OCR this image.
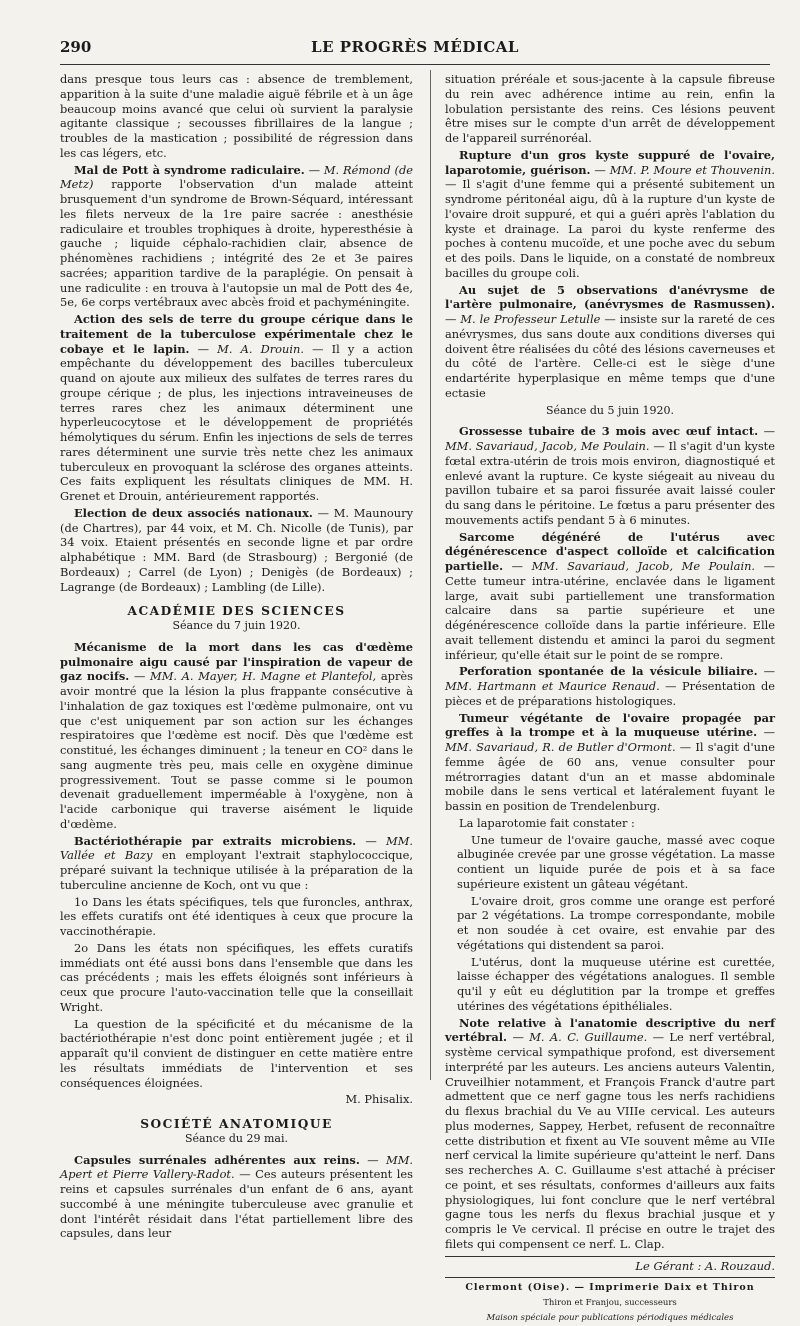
290	LE PROGRÈS MÉDICAL

dans presque tous leurs cas : absence de tremblement, apparition à la suite d'une maladie aiguë fébrile et à un âge beaucoup moins avancé que celui où survient la paralysie agitante classique ; secousses fibrillaires de la langue ; troubles de la mastication ; possibilité de régression dans les cas légers, etc.

Mal de Pott à syndrome radiculaire. — M. Rémond (de Metz) rapporte l'observation d'un malade atteint brusquement d'un syndrome de Brown-Séquard, intéressant les filets nerveux de la 1re paire sacrée : anesthésie radiculaire et troubles trophiques à droite, hyperesthésie à gauche ; liquide céphalo-rachidien clair, absence de phénomènes rachidiens ; intégrité des 2e et 3e paires sacrées; apparition tardive de la paraplégie. On pensait à une radiculite : en trouva à l'autopsie un mal de Pott des 4e, 5e, 6e corps vertébraux avec abcès froid et pachyméningite.

Action des sels de terre du groupe cérique dans le traitement de la tuberculose expérimentale chez le cobaye et le lapin. — M. A. Drouin. — Il y a action empêchante du développement des bacilles tuberculeux quand on ajoute aux milieux des sulfates de terres rares du groupe cérique ; de plus, les injections intraveineuses de terres rares chez les animaux déterminent une hyperleucocytose et le développement de propriétés hémolytiques du sérum. Enfin les injections de sels de terres rares déterminent une survie très nette chez les animaux tuberculeux en provoquant la sclérose des organes atteints. Ces faits expliquent les résultats cliniques de MM. H. Grenet et Drouin, antérieurement rapportés.

Election de deux associés nationaux. — M. Maunoury (de Chartres), par 44 voix, et M. Ch. Nicolle (de Tunis), par 34 voix. Etaient présentés en seconde ligne et par ordre alphabétique : MM. Bard (de Strasbourg) ; Bergonié (de Bordeaux) ; Carrel (de Lyon) ; Denigès (de Bordeaux) ; Lagrange (de Bordeaux) ; Lambling (de Lille).

ACADÉMIE DES SCIENCES
Séance du 7 juin 1920.

Mécanisme de la mort dans les cas d'œdème pulmonaire aigu causé par l'inspiration de vapeur de gaz nocifs. — MM. A. Mayer, H. Magne et Plantefol, après avoir montré que la lésion la plus frappante consécutive à l'inhalation de gaz toxiques est l'œdème pulmonaire, ont vu que c'est uniquement par son action sur les échanges respiratoires que l'œdème est nocif. Dès que l'œdème est constitué, les échanges diminuent ; la teneur en CO² dans le sang augmente très peu, mais celle en oxygène diminue progressivement. Tout se passe comme si le poumon devenait graduellement imperméable à l'oxygène, non à l'acide carbonique qui traverse aisément le liquide d'œdème.

Bactériothérapie par extraits microbiens. — MM. Vallée et Bazy en employant l'extrait staphylococcique, préparé suivant la technique utilisée à la préparation de la tuberculine ancienne de Koch, ont vu que :

1o Dans les états spécifiques, tels que furoncles, anthrax, les effets curatifs ont été identiques à ceux que procure la vaccinothérapie.

2o Dans les états non spécifiques, les effets curatifs immédiats ont été aussi bons dans l'ensemble que dans les cas précédents ; mais les effets éloignés sont inférieurs à ceux que procure l'auto-vaccination telle que la conseillait Wright.

La question de la spécificité et du mécanisme de la bactériothérapie n'est donc point entièrement jugée ; et il apparaît qu'il convient de distinguer en cette matière entre les résultats immédiats de l'intervention et ses conséquences éloignées.

M. Phisalix.
SOCIÉTÉ ANATOMIQUE
Séance du 29 mai.

Capsules surrénales adhérentes aux reins. — MM. Apert et Pierre Vallery-Radot. — Ces auteurs présentent les reins et capsules surrénales d'un enfant de 6 ans, ayant succombé à une méningite tuberculeuse avec granulie et dont l'intérêt résidait dans l'état partiellement libre des capsules, dans leur

situation préréale et sous-jacente à la capsule fibreuse du rein avec adhérence intime au rein, enfin la lobulation persistante des reins. Ces lésions peuvent être mises sur le compte d'un arrêt de développement de l'appareil surrénoréal.

Rupture d'un gros kyste suppuré de l'ovaire, laparotomie, guérison. — MM. P. Moure et Thouvenin. — Il s'agit d'une femme qui a présenté subitement un syndrome péritonéal aigu, dû à la rupture d'un kyste de l'ovaire droit suppuré, et qui a guéri après l'ablation du kyste et drainage. La paroi du kyste renferme des poches à contenu mucoïde, et une poche avec du sebum et des poils. Dans le liquide, on a constaté de nombreux bacilles du groupe coli.

Au sujet de 5 observations d'anévrysme de l'artère pulmonaire, (anévrysmes de Rasmussen). — M. le Professeur Letulle — insiste sur la rareté de ces anévrysmes, dus sans doute aux conditions diverses qui doivent être réalisées du côté des lésions caverneuses et du côté de l'artère. Celle-ci est le siège d'une endartérite hyperplasique en même temps que d'une ectasie

Séance du 5 juin 1920.

Grossesse tubaire de 3 mois avec œuf intact. — MM. Savariaud, Jacob, Me Poulain. — Il s'agit d'un kyste fœtal extra-utérin de trois mois environ, diagnostiqué et enlevé avant la rupture. Ce kyste siégeait au niveau du pavillon tubaire et sa paroi fissurée avait laissé couler du sang dans le péritoine. Le fœtus a paru présenter des mouvements actifs pendant 5 à 6 minutes.

Sarcome dégénéré de l'utérus avec dégénérescence d'aspect colloïde et calcification partielle. — MM. Savariaud, Jacob, Me Poulain. — Cette tumeur intra-utérine, enclavée dans le ligament large, avait subi partiellement une transformation calcaire dans sa partie supérieure et une dégénérescence colloïde dans la partie inférieure. Elle avait tellement distendu et aminci la paroi du segment inférieur, qu'elle était sur le point de se rompre.

Perforation spontanée de la vésicule biliaire. — MM. Hartmann et Maurice Renaud. — Présentation de pièces et de préparations histologiques.

Tumeur végétante de l'ovaire propagée par greffes à la trompe et à la muqueuse utérine. — MM. Savariaud, R. de Butler d'Ormont. — Il s'agit d'une femme âgée de 60 ans, venue consulter pour métrorragies datant d'un an et masse abdominale mobile dans le sens vertical et latéralement fuyant le bassin en position de Trendelenburg.

La laparotomie fait constater :

Une tumeur de l'ovaire gauche, massé avec coque albuginée crevée par une grosse végétation. La masse contient un liquide purée de pois et à sa face supérieure existent un gâteau végétant.

L'ovaire droit, gros comme une orange est perforé par 2 végétations. La trompe correspondante, mobile et non soudée à cet ovaire, est envahie par des végétations qui distendent sa paroi.

L'utérus, dont la muqueuse utérine est curettée, laisse échapper des végétations analogues. Il semble qu'il y eût eu déglutition par la trompe et greffes utérines des végétations épithéliales.

Note relative à l'anatomie descriptive du nerf vertébral. — M. A. C. Guillaume. — Le nerf vertébral, système cervical sympathique profond, est diversement interprété par les auteurs. Les anciens auteurs Valentin, Cruveilhier notamment, et François Franck d'autre part admettent que ce nerf gagne tous les nerfs rachidiens du flexus brachial du Ve au VIIIe cervical. Les auteurs plus modernes, Sappey, Herbet, refusent de reconnaître cette distribution et fixent au VIe souvent même au VIIe nerf cervical la limite supérieure qu'atteint le nerf. Dans ses recherches A. C. Guillaume s'est attaché à préciser ce point, et ses résultats, conformes d'ailleurs aux faits physiologiques, lui font conclure que le nerf vertébral gagne tous les nerfs du flexus brachial jusque et y compris le Ve cervical. Il précise en outre le trajet des filets qui compensent ce nerf. L. Clap.

Le Gérant : A. Rouzaud.

Clermont (Oise). — Imprimerie Daix et Thiron

Thiron et Franjou, successeurs

Maison spéciale pour publications périodiques médicales
